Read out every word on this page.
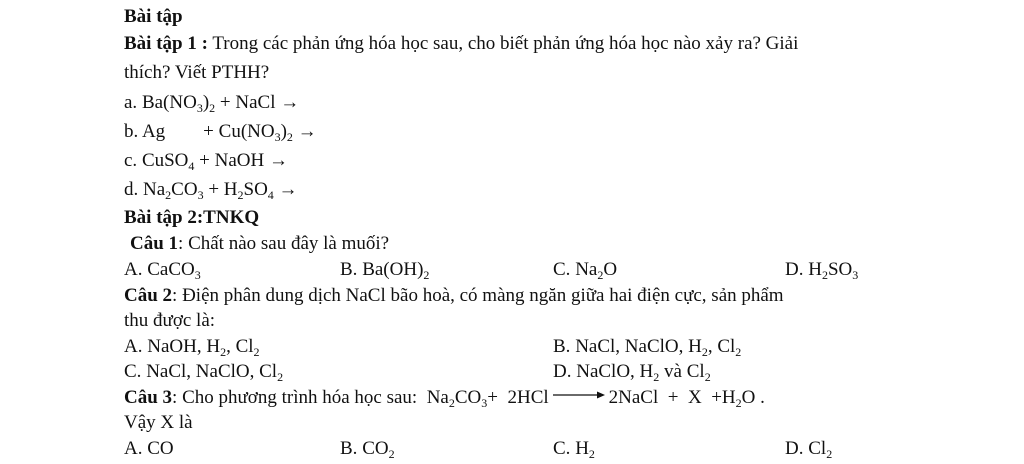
Bài tập
Bài tập 1 : Trong các phản ứng hóa học sau, cho biết phản ứng hóa học nào xảy ra? Giải
thích? Viết PTHH?
a. $Ba(NO_3)_2$ + NaCl →
b. Ag        + $Cu(NO_3)_2$ →
c. CuSO$_4$ + NaOH →
d. $Na_2CO_3 + H_2SO_4$ →
Bài tập 2:TNKQ
Câu 1: Chất nào sau đây là muối?
A. CaCO$_3$	B. $Ba(OH)_2$	C. $Na_2O$	D. $H_2SO_3$
Câu 2: Điện phân dung dịch NaCl bão hoà, có màng ngăn giữa hai điện cực, sản phẩm
thu được là:
A. NaOH, $H_2$, $Cl_2$	B. NaCl, NaClO, $H_2$, $Cl_2$
C. NaCl, NaClO, $Cl_2$	D. NaClO, $H_2$ và $Cl_2$
Câu 3: Cho phương trình hóa học sau:  $Na_2CO_3+ 2HCl$	2NaCl  +  $X +H_2O$ .
Vậy X là
A. CO	B. $CO_2$	C. $H_2$	D. $Cl_2$
